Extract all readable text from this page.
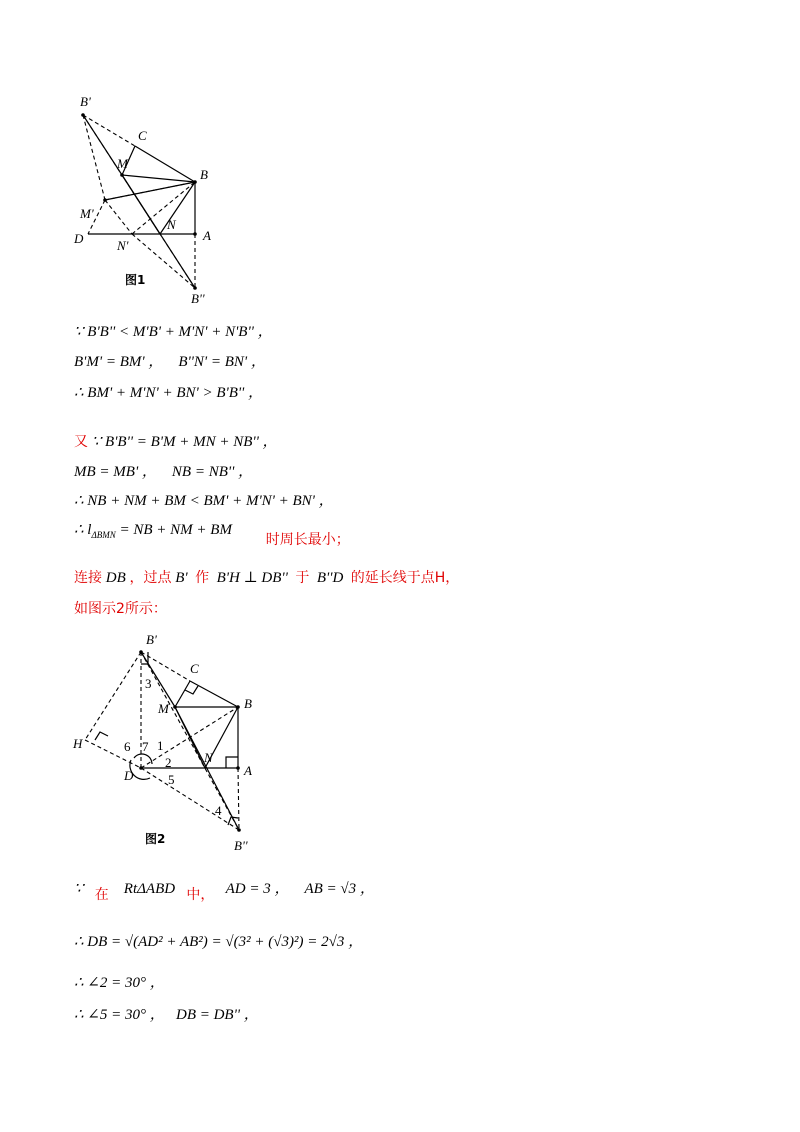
B'
C
M
B
M'
N
D	N'
A
B''
图1
∵ B'B'' < M'B' + M'N' + N'B'' ，
B'M' = BM' ， B''N' = BN' ，
∴ BM' + M'N' + BN' > B'B'' ，
又 ∵ B'B'' = B'M + MN + NB'' ，
MB = MB' ， NB = NB'' ，
∴ NB + NM + BM < BM' + M'N' + BN' ，
∴ $l_{\Delta BMN}$ = NB + NM + BM 时周长最小；
连接 DB ，过点 B' 作 B'H ⊥ DB'' 于 B''D 的延长线于点H，
如图示2所示：
B'
C
M	B
H
D
N
A
B''
1
2
3
4
5
6 7
图2
∵ 在 RtΔABD 中， AD = 3 ， AB = √3 ，
∴ DB = √(AD² + AB²) = √(3² + (√3)²) = 2√3 ，
∴ ∠2 = 30° ，
∴ ∠5 = 30° ， DB = DB'' ，
